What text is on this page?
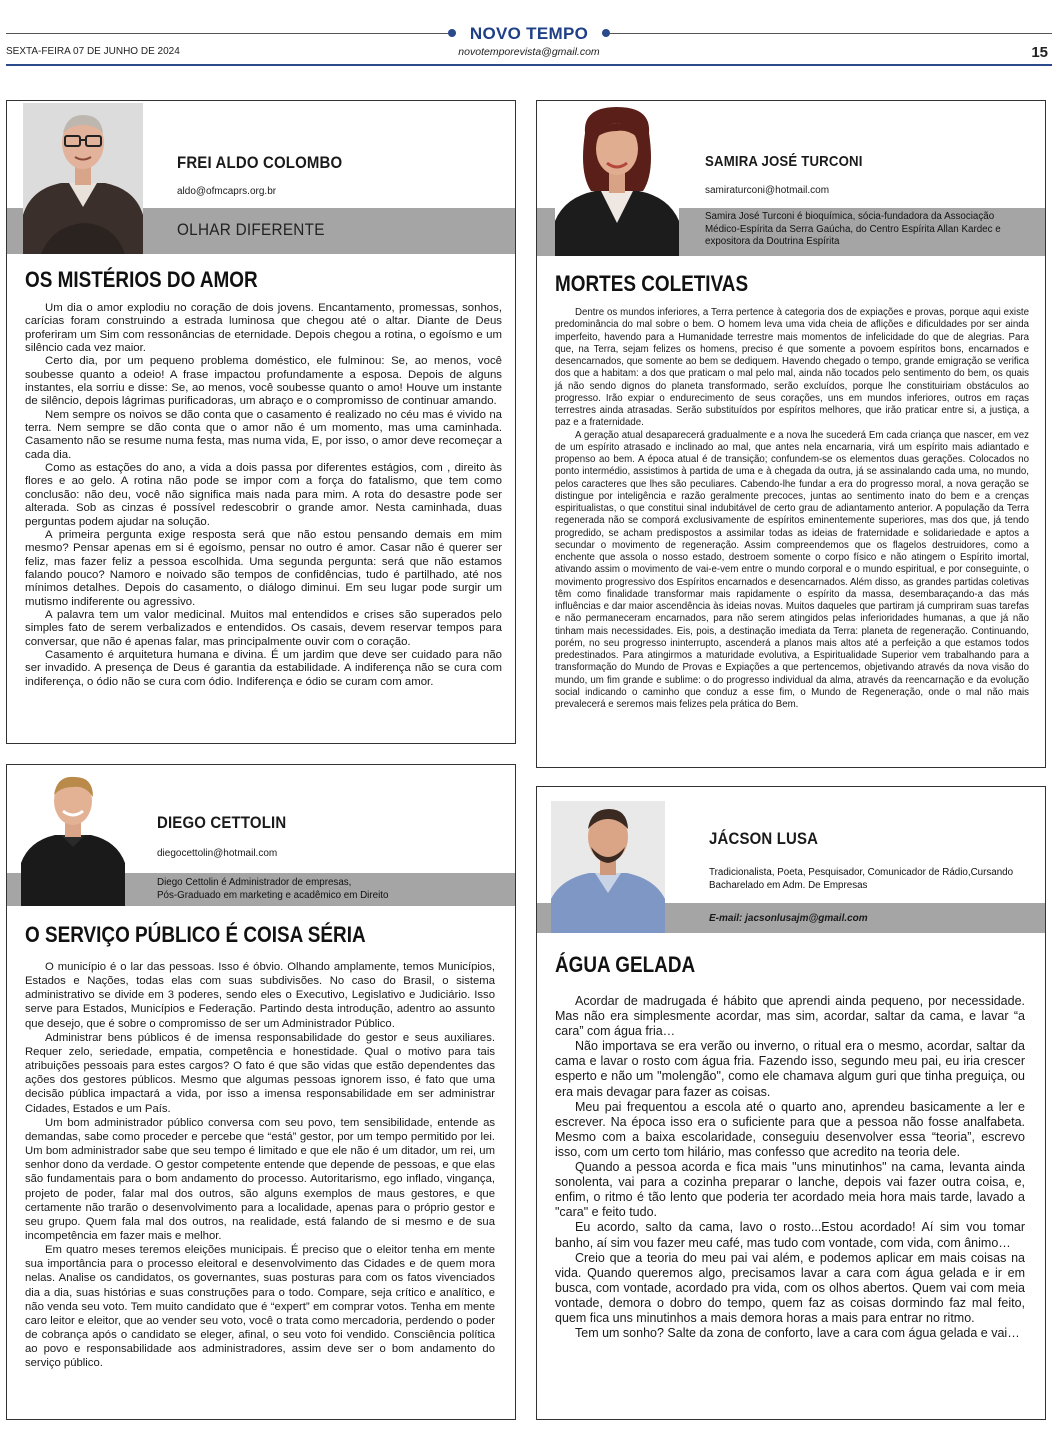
NOVO TEMPO
SEXTA-FEIRA 07 DE JUNHO DE 2024	novotemporevista@gmail.com	15
FREI ALDO COLOMBO
aldo@ofmcaprs.org.br
OLHAR DIFERENTE
OS MISTÉRIOS DO AMOR

Um dia o amor explodiu no coração de dois jovens. Encantamento, promessas, sonhos, carícias foram construindo a estrada luminosa que chegou até o altar. Diante de Deus proferiram um Sim com ressonâncias de eternidade. Depois chegou a rotina, o egoísmo e um silêncio cada vez maior.

Certo dia, por um pequeno problema doméstico, ele fulminou: Se, ao menos, você soubesse quanto a odeio! A frase impactou profundamente a esposa. Depois de alguns instantes, ela sorriu e disse: Se, ao menos, você soubesse quanto o amo! Houve um instante de silêncio, depois lágrimas purificadoras, um abraço e o compromisso de continuar amando.

Nem sempre os noivos se dão conta que o casamento é realizado no céu mas é vivido na terra. Nem sempre se dão conta que o amor não é um momento, mas uma caminhada. Casamento não se resume numa festa, mas numa vida, E, por isso, o amor deve recomeçar a cada dia.

Como as estações do ano, a vida a dois passa por diferentes estágios, com , direito às flores e ao gelo. A rotina não pode se impor com a força do fatalismo, que tem como conclusão: não deu, você não significa mais nada para mim. A rota do desastre pode ser alterada. Sob as cinzas é possível redescobrir o grande amor. Nesta caminhada, duas perguntas podem ajudar na solução.

A primeira pergunta exige resposta será que não estou pensando demais em mim mesmo? Pensar apenas em si é egoísmo, pensar no outro é amor. Casar não é querer ser feliz, mas fazer feliz a pessoa escolhida. Uma segunda pergunta: será que não estamos falando pouco? Namoro e noivado são tempos de confidências, tudo é partilhado, até nos mínimos detalhes. Depois do casamento, o diálogo diminui. Em seu lugar pode surgir um mutismo indiferente ou agressivo.

A palavra tem um valor medicinal. Muitos mal entendidos e crises são superados pelo simples fato de serem verbalizados e entendidos. Os casais, devem reservar tempos para conversar, que não é apenas falar, mas principalmente ouvir com o coração.

Casamento é arquitetura humana e divina. É um jardim que deve ser cuidado para não ser invadido. A presença de Deus é garantia da estabilidade. A indiferença não se cura com indiferença, o ódio não se cura com ódio. Indiferença e ódio se curam com amor.

SAMIRA JOSÉ TURCONI
samiraturconi@hotmail.com
Samira José Turconi é bioquímica, sócia-fundadora da Associação Médico-Espírita da Serra Gaúcha, do Centro Espírita Allan Kardec e expositora da Doutrina Espírita
MORTES COLETIVAS

Dentre os mundos inferiores, a Terra pertence à categoria dos de expiações e provas, porque aqui existe predominância do mal sobre o bem. O homem leva uma vida cheia de aflições e dificuldades por ser ainda imperfeito, havendo para a Humanidade terrestre mais momentos de infelicidade do que de alegrias. Para que, na Terra, sejam felizes os homens, preciso é que somente a povoem espíritos bons, encarnados e desencarnados, que somente ao bem se dediquem. Havendo chegado o tempo, grande emigração se verifica dos que a habitam: a dos que praticam o mal pelo mal, ainda não tocados pelo sentimento do bem, os quais já não sendo dignos do planeta transformado, serão excluídos, porque lhe constituiriam obstáculos ao progresso. Irão expiar o endurecimento de seus corações, uns em mundos inferiores, outros em raças terrestres ainda atrasadas. Serão substituídos por espíritos melhores, que irão praticar entre si, a justiça, a paz e a fraternidade.

A geração atual desaparecerá gradualmente e a nova lhe sucederá Em cada criança que nascer, em vez de um espírito atrasado e inclinado ao mal, que antes nela encarnaria, virá um espírito mais adiantado e propenso ao bem. A época atual é de transição; confundem-se os elementos duas gerações. Colocados no ponto intermédio, assistimos à partida de uma e à chegada da outra, já se assinalando cada uma, no mundo, pelos caracteres que lhes são peculiares. Cabendo-lhe fundar a era do progresso moral, a nova geração se distingue por inteligência e razão geralmente precoces, juntas ao sentimento inato do bem e a crenças espiritualistas, o que constitui sinal indubitável de certo grau de adiantamento anterior. A população da Terra regenerada não se comporá exclusivamente de espíritos eminentemente superiores, mas dos que, já tendo progredido, se acham predispostos a assimilar todas as ideias de fraternidade e solidariedade e aptos a secundar o movimento de regeneração. Assim compreendemos que os flagelos destruidores, como a enchente que assola o nosso estado, destroem somente o corpo físico e não atingem o Espírito imortal, ativando assim o movimento de vai-e-vem entre o mundo corporal e o mundo espiritual, e por conseguinte, o movimento progressivo dos Espíritos encarnados e desencarnados. Além disso, as grandes partidas coletivas têm como finalidade transformar mais rapidamente o espírito da massa, desembaraçando-a das más influências e dar maior ascendência às ideias novas. Muitos daqueles que partiram já cumpriram suas tarefas e não permaneceram encarnados, para não serem atingidos pelas inferioridades humanas, a que já não tinham mais necessidades. Eis, pois, a destinação imediata da Terra: planeta de regeneração. Continuando, porém, no seu progresso ininterrupto, ascenderá a planos mais altos até a perfeição a que estamos todos predestinados. Para atingirmos a maturidade evolutiva, a Espiritualidade Superior vem trabalhando para a transformação do Mundo de Provas e Expiações a que pertencemos, objetivando através da nova visão do mundo, um fim grande e sublime: o do progresso individual da alma, através da reencarnação e da evolução social indicando o caminho que conduz a esse fim, o Mundo de Regeneração, onde o mal não mais prevalecerá e seremos mais felizes pela prática do Bem.

DIEGO CETTOLIN
diegocettolin@hotmail.com
Diego Cettolin é Administrador de empresas,
Pós-Graduado em marketing e acadêmico em Direito
O SERVIÇO PÚBLICO É COISA SÉRIA

O município é o lar das pessoas. Isso é óbvio. Olhando amplamente, temos Municípios, Estados e Nações, todas elas com suas subdivisões. No caso do Brasil, o sistema administrativo se divide em 3 poderes, sendo eles o Executivo, Legislativo e Judiciário. Isso serve para Estados, Municípios e Federação. Partindo desta introdução, adentro ao assunto que desejo, que é sobre o compromisso de ser um Administrador Público.

Administrar bens públicos é de imensa responsabilidade do gestor e seus auxiliares. Requer zelo, seriedade, empatia, competência e honestidade. Qual o motivo para tais atribuições pessoais para estes cargos? O fato é que são vidas que estão dependentes das ações dos gestores públicos. Mesmo que algumas pessoas ignorem isso, é fato que uma decisão pública impactará a vida, por isso a imensa responsabilidade em ser administrar Cidades, Estados e um País.

Um bom administrador público conversa com seu povo, tem sensibilidade, entende as demandas, sabe como proceder e percebe que “está” gestor, por um tempo permitido por lei. Um bom administrador sabe que seu tempo é limitado e que ele não é um ditador, um rei, um senhor dono da verdade. O gestor competente entende que depende de pessoas, e que elas são fundamentais para o bom andamento do processo. Autoritarismo, ego inflado, vingança, projeto de poder, falar mal dos outros, são alguns exemplos de maus gestores, e que certamente não trarão o desenvolvimento para a localidade, apenas para o próprio gestor e seu grupo. Quem fala mal dos outros, na realidade, está falando de si mesmo e de sua incompetência em fazer mais e melhor.

Em quatro meses teremos eleições municipais. É preciso que o eleitor tenha em mente sua importância para o processo eleitoral e desenvolvimento das Cidades e de quem mora nelas. Analise os candidatos, os governantes, suas posturas para com os fatos vivenciados dia a dia, suas histórias e suas construções para o todo. Compare, seja crítico e analítico, e não venda seu voto. Tem muito candidato que é “expert” em comprar votos. Tenha em mente caro leitor e eleitor, que ao vender seu voto, você o trata como mercadoria, perdendo o poder de cobrança após o candidato se eleger, afinal, o seu voto foi vendido. Consciência política ao povo e responsabilidade aos administradores, assim deve ser o bom andamento do serviço público.

JÁCSON LUSA
Tradicionalista, Poeta, Pesquisador, Comunicador de Rádio,Cursando
Bacharelado em Adm. De Empresas
E-mail: jacsonlusajm@gmail.com
ÁGUA GELADA

Acordar de madrugada é hábito que aprendi ainda pequeno, por necessidade. Mas não era simplesmente acordar, mas sim, acordar, saltar da cama, e lavar “a cara” com água fria…

Não importava se era verão ou inverno, o ritual era o mesmo, acordar, saltar da cama e lavar o rosto com água fria. Fazendo isso, segundo meu pai, eu iria crescer esperto e não um "molengão", como ele chamava algum guri que tinha preguiça, ou era mais devagar para fazer as coisas.

Meu pai frequentou a escola até o quarto ano, aprendeu basicamente a ler e escrever. Na época isso era o suficiente para que a pessoa não fosse analfabeta. Mesmo com a baixa escolaridade, conseguiu desenvolver essa “teoria”, escrevo isso, com um certo tom hilário, mas confesso que acredito na teoria dele.

Quando a pessoa acorda e fica mais "uns minutinhos" na cama, levanta ainda sonolenta, vai para a cozinha preparar o lanche, depois vai fazer outra coisa, e, enfim, o ritmo é tão lento que poderia ter acordado meia hora mais tarde, lavado a "cara" e feito tudo.

Eu acordo, salto da cama, lavo o rosto...Estou acordado! Aí sim vou tomar banho, aí sim vou fazer meu café, mas tudo com vontade, com vida, com ânimo…

Creio que a teoria do meu pai vai além, e podemos aplicar em mais coisas na vida. Quando queremos algo, precisamos lavar a cara com água gelada e ir em busca, com vontade, acordado pra vida, com os olhos abertos. Quem vai com meia vontade, demora o dobro do tempo, quem faz as coisas dormindo faz mal feito, quem fica uns minutinhos a mais demora horas a mais para entrar no ritmo.

Tem um sonho? Salte da zona de conforto, lave a cara com água gelada e vai…
